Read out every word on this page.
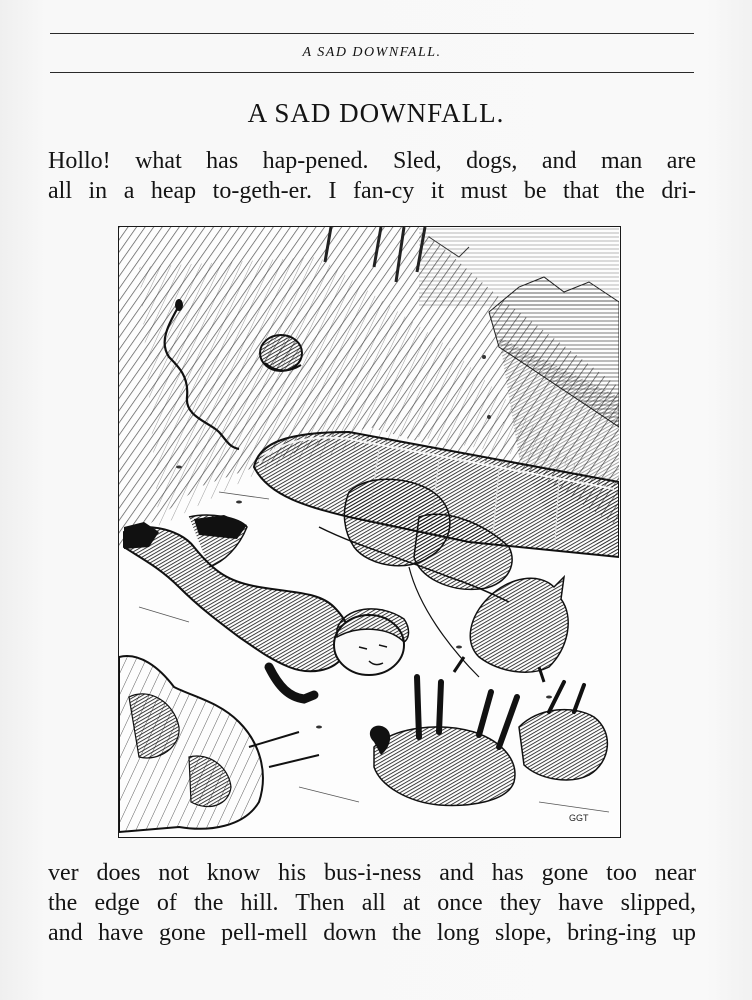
A SAD DOWNFALL.
A SAD DOWNFALL.
Hollo! what has hap-pened. Sled, dogs, and man are
all in a heap to-geth-er. I fan-cy it must be that the dri-
GGT
ver does not know his bus-i-ness and has gone too near
the edge of the hill. Then all at once they have slipped,
and have gone pell-mell down the long slope, bring-ing up
